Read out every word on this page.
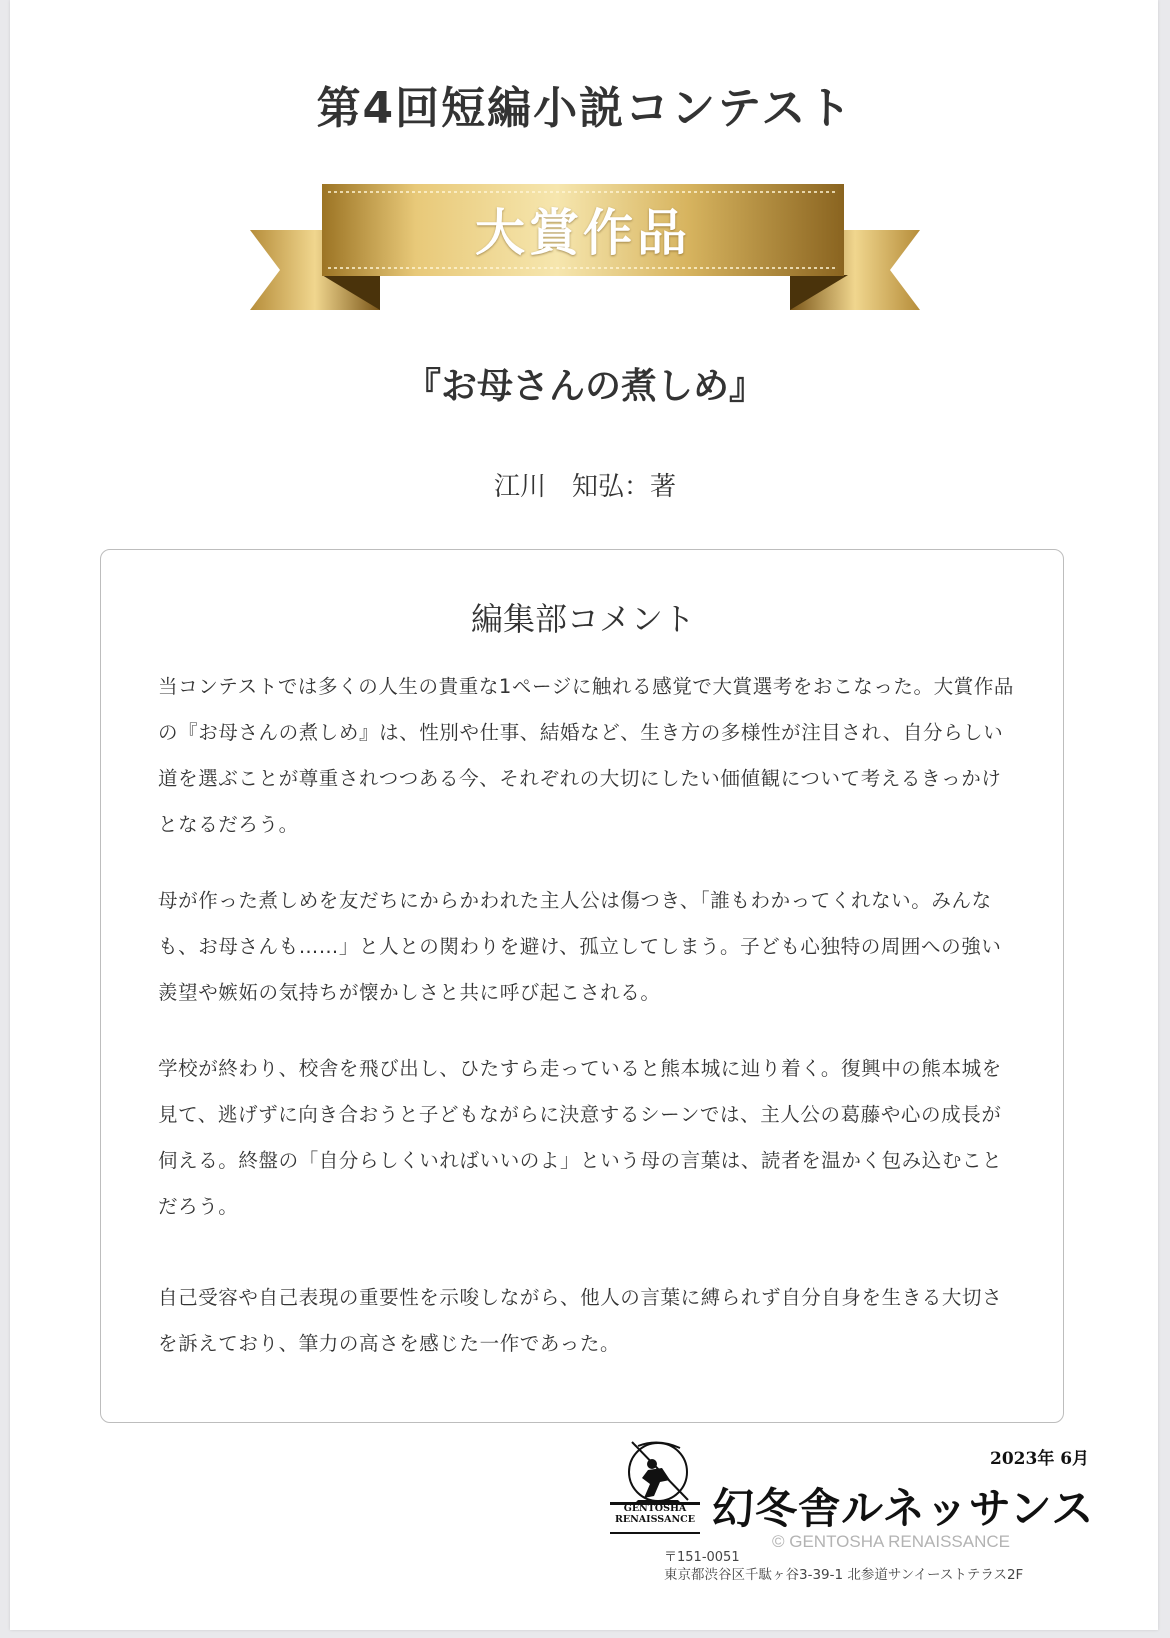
第4回短編小説コンテスト
大賞作品
『お母さんの煮しめ』
江川　知弘：著
編集部コメント

当コンテストでは多くの人生の貴重な1ページに触れる感覚で大賞選考をおこなった。大賞作品の『お母さんの煮しめ』は、性別や仕事、結婚など、生き方の多様性が注目され、自分らしい道を選ぶことが尊重されつつある今、それぞれの大切にしたい価値観について考えるきっかけとなるだろう。

母が作った煮しめを友だちにからかわれた主人公は傷つき、「誰もわかってくれない。みんなも、お母さんも……」と人との関わりを避け、孤立してしまう。子ども心独特の周囲への強い羨望や嫉妬の気持ちが懐かしさと共に呼び起こされる。

学校が終わり、校舎を飛び出し、ひたすら走っていると熊本城に辿り着く。復興中の熊本城を見て、逃げずに向き合おうと子どもながらに決意するシーンでは、主人公の葛藤や心の成長が伺える。終盤の「自分らしくいればいいのよ」という母の言葉は、読者を温かく包み込むことだろう。

自己受容や自己表現の重要性を示唆しながら、他人の言葉に縛られず自分自身を生きる大切さを訴えており、筆力の高さを感じた一作であった。

2023年 6月
GENTOSHA
RENAISSANCE 幻冬舎ルネッサンス
© GENTOSHA RENAISSANCE
〒151-0051
東京都渋谷区千駄ヶ谷3-39-1 北参道サンイーストテラス2F
